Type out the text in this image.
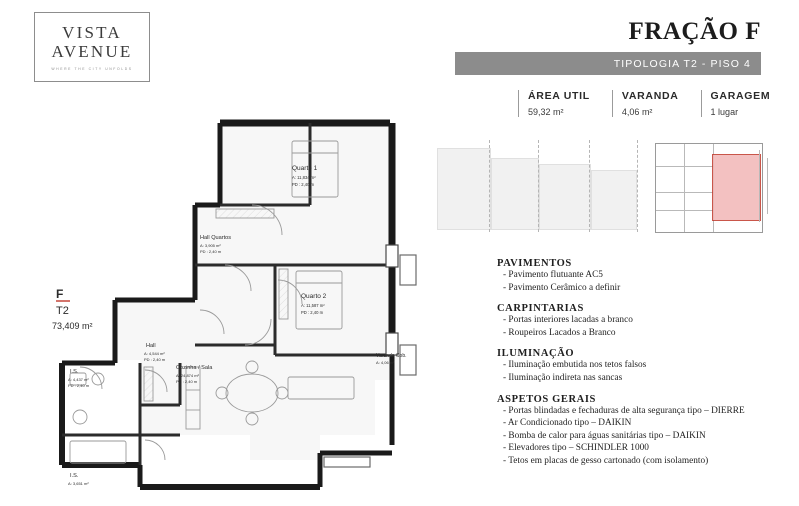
VISTA
AVENUE
WHERE THE CITY UNFOLDS
FRAÇÃO F
TIPOLOGIA T2 - PISO 4
ÁREA UTIL
59,32 m²
VARANDA
4,06 m²
GARAGEM
1 lugar
PAVIMENTOS
- Pavimento flutuante AC5
- Pavimento Cerâmico a definir
CARPINTARIAS
- Portas interiores lacadas a branco
- Roupeiros Lacados a Branco
ILUMINAÇÃO
- Iluminação embutida nos tetos falsos
- Iluminação indireta nas sancas
ASPETOS GERAIS
- Portas blindadas e fechaduras de alta segurança tipo – DIERRE
- Ar Condicionado tipo – DAIKIN
- Bomba de calor para águas sanitárias tipo – DAIKIN
- Elevadores tipo – SCHINDLER 1000
- Tetos em placas de gesso cartonado (com isolamento)
F
T2
73,409 m²
Quarto 1
A: 11,834 m²
PD : 2,40 m
Quarto 2
A: 11,587 m²
PD : 2,40 m
Hall Quartos
A: 3,905 m²
PD : 2,40 m
Hall
A: 4,544 m²
PD : 2,40 m
Cozinha / Sala
A: 24,874 m²
PD : 2,40 m
I.S.
A: 4,437 m²
PD : 2,40 m
I.S.
A: 3,651 m²
Varanda Cob.
A: 4,06 m²
